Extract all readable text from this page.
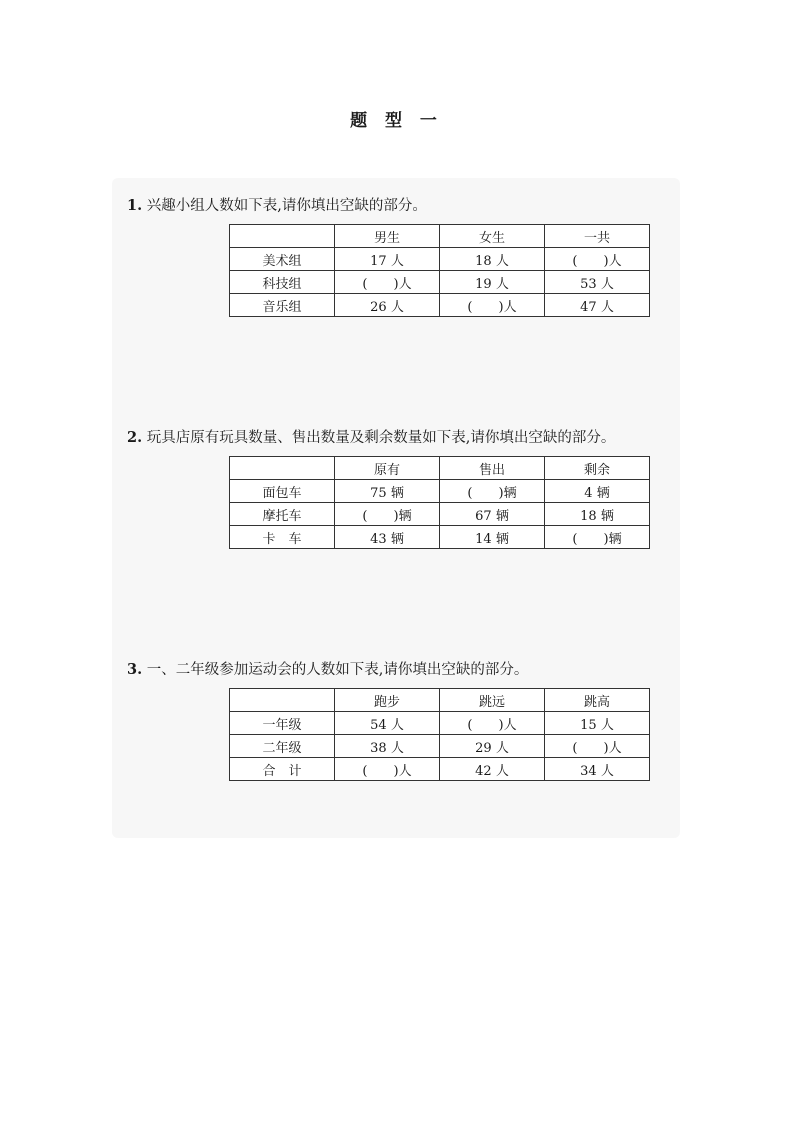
题 型 一
1. 兴趣小组人数如下表,请你填出空缺的部分。
	男生	女生	一共
美术组	17 人	18 人	(　　)人
科技组	(　　)人	19 人	53 人
音乐组	26 人	(　　)人	47 人
2. 玩具店原有玩具数量、售出数量及剩余数量如下表,请你填出空缺的部分。
	原有	售出	剩余
面包车	75 辆	(　　)辆	4 辆
摩托车	(　　)辆	67 辆	18 辆
卡　车	43 辆	14 辆	(　　)辆
3. 一、二年级参加运动会的人数如下表,请你填出空缺的部分。
	跑步	跳远	跳高
一年级	54 人	(　　)人	15 人
二年级	38 人	29 人	(　　)人
合　计	(　　)人	42 人	34 人
